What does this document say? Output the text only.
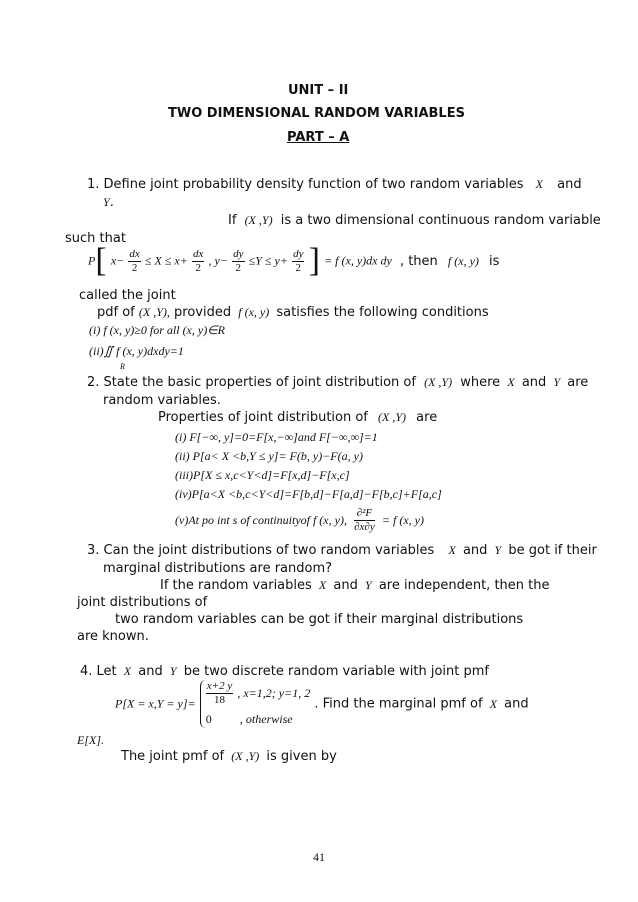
UNIT – II
TWO DIMENSIONAL RANDOM VARIABLES
PART – A
1. Define joint probability density function of two random variables X and
Y.
If (X ,Y) is a two dimensional continuous random variable
such that
P[ $x- \frac{dx}{2} \le X \le x+ \frac{dx}{2}$ , $y- \frac{dy}{2} \le Y \le y+ \frac{dy}{2}$ ] = f (x, y)dx dy , then f (x, y) is
called the joint
pdf of (X ,Y), provided f (x, y) satisfies the following conditions
(i) f (x, y)≥0 for all (x, y)∈R
(ii)∬ f (x, y)dxdy=1
R
2. State the basic properties of joint distribution of (X ,Y) where X and Y are
random variables.
Properties of joint distribution of (X ,Y) are
(i) F[−∞, y]=0=F[x,−∞]and F[−∞,∞]=1
(ii) P[a< X <b,Y ≤ y]= F(b, y)−F(a, y)
(iii)P[X ≤ x,c<Y<d]=F[x,d]−F[x,c]
(iv)P[a<X <b,c<Y<d]=F[b,d]−F[a,d]−F[b,c]+F[a,c]
(v)At po int s of continuityof f (x, y), $\frac{\text{∂²F}}{\partial x\partial y} = f$ (x, y)
3. Can the joint distributions of two random variables X and Y be got if their
marginal distributions are random?
If the random variables X and Y are independent, then the
joint distributions of
two random variables can be got if their marginal distributions
are known.
4. Let X and Y be two discrete random variable with joint pmf
$P[X = x,Y = y]= \frac{x+2 y}{18}$ , x=1,2; y=1, 2
0 , otherwise
. Find the marginal pmf of X and
E[X].
The joint pmf of (X ,Y) is given by
41
